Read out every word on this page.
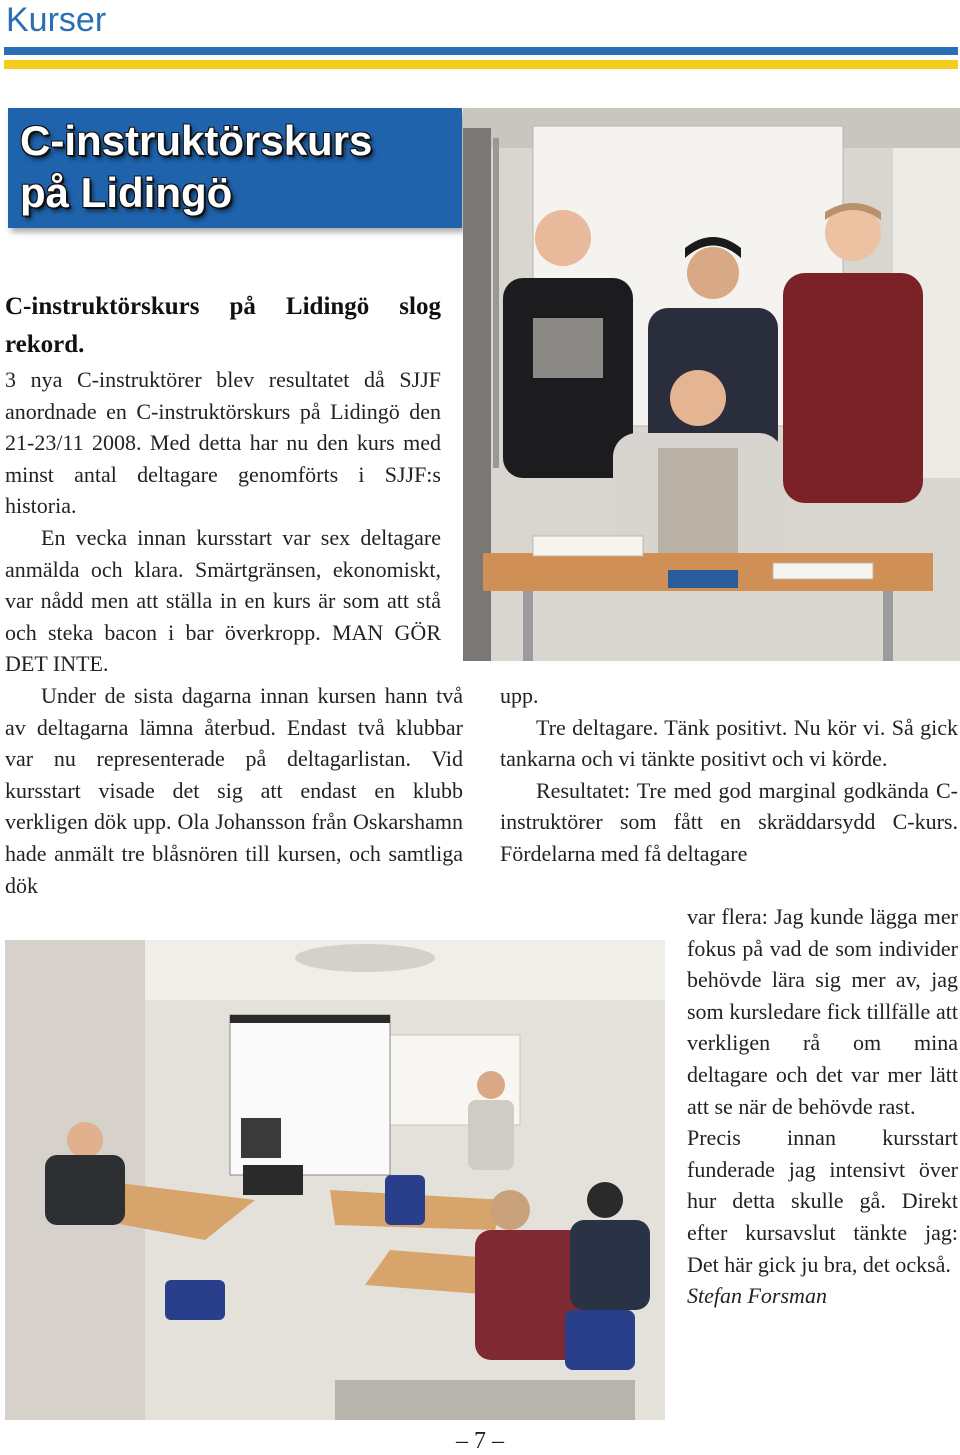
Kurser
C-instruktörskurs
på Lidingö

C-instruktörskurs på Lidingö slog rekord.

3 nya C-instruktörer blev resultatet då SJJF anordnade en C-instruktörskurs på Lidingö den 21-23/11 2008. Med detta har nu den kurs med minst antal deltagare genomförts i SJJF:s historia.

En vecka innan kursstart var sex deltagare anmälda och klara. Smärtgränsen, ekonomiskt, var nådd men att ställa in en kurs är som att stå och steka bacon i bar överkropp. MAN GÖR DET INTE.

Under de sista dagarna innan kursen hann två av deltagarna lämna återbud. Endast två klubbar var nu representerade på deltagarlistan. Vid kursstart visade det sig att endast en klubb verkligen dök upp. Ola Johansson från Oskarshamn hade anmält tre blåsnören till kursen, och samtliga dök

upp.

Tre deltagare. Tänk positivt. Nu kör vi. Så gick tankarna och vi tänkte positivt och vi körde.

Resultatet: Tre med god marginal godkända C-instruktörer som fått en skräddarsydd C-kurs. Fördelarna med få deltagare

var flera: Jag kunde lägga mer fokus på vad de som individer behövde lära sig mer av, jag som kursledare fick tillfälle att verkligen rå om mina deltagare och det var mer lätt att se när de behövde rast.

Precis innan kursstart funderade jag intensivt över hur detta skulle gå. Direkt efter kursavslut tänkte jag: Det här gick ju bra, det också.

Stefan Forsman

– 7 –
